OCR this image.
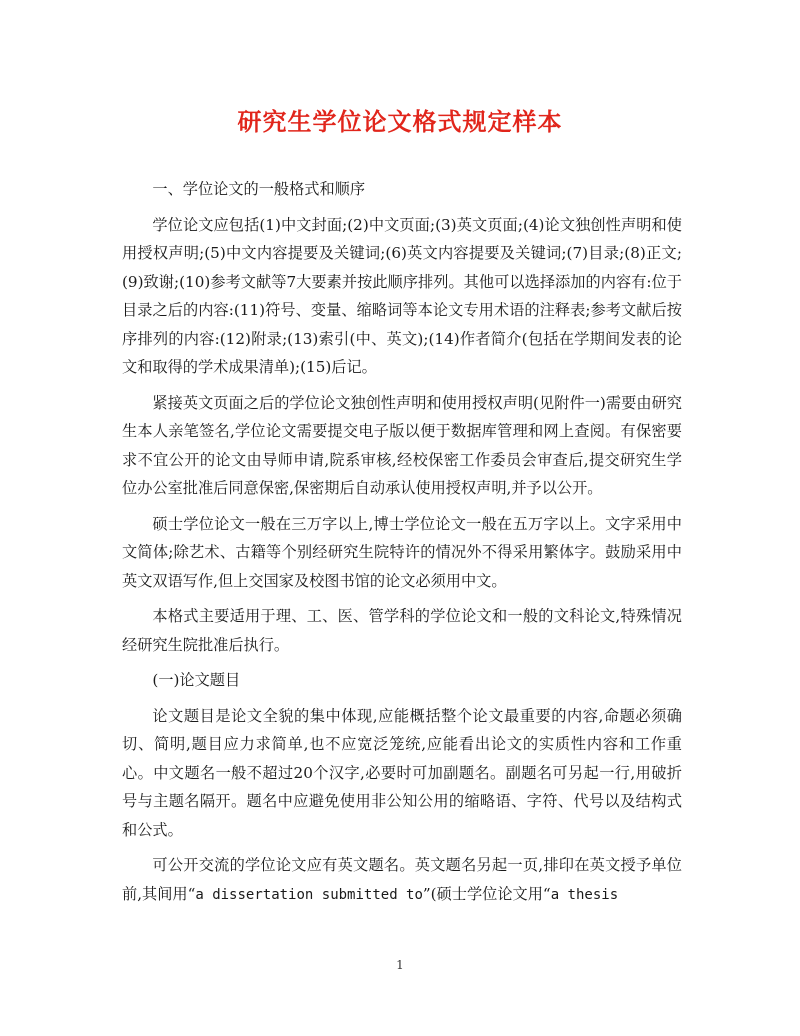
研究生学位论文格式规定样本

一、学位论文的一般格式和顺序

学位论文应包括(1)中文封面;(2)中文页面;(3)英文页面;(4)论文独创性声明和使用授权声明;(5)中文内容提要及关键词;(6)英文内容提要及关键词;(7)目录;(8)正文;(9)致谢;(10)参考文献等7大要素并按此顺序排列。其他可以选择添加的内容有:位于目录之后的内容:(11)符号、变量、缩略词等本论文专用术语的注释表;参考文献后按序排列的内容:(12)附录;(13)索引(中、英文);(14)作者简介(包括在学期间发表的论文和取得的学术成果清单);(15)后记。

紧接英文页面之后的学位论文独创性声明和使用授权声明(见附件一)需要由研究生本人亲笔签名,学位论文需要提交电子版以便于数据库管理和网上查阅。有保密要求不宜公开的论文由导师申请,院系审核,经校保密工作委员会审查后,提交研究生学位办公室批准后同意保密,保密期后自动承认使用授权声明,并予以公开。

硕士学位论文一般在三万字以上,博士学位论文一般在五万字以上。文字采用中文简体;除艺术、古籍等个别经研究生院特许的情况外不得采用繁体字。鼓励采用中英文双语写作,但上交国家及校图书馆的论文必须用中文。

本格式主要适用于理、工、医、管学科的学位论文和一般的文科论文,特殊情况经研究生院批准后执行。

(一)论文题目

论文题目是论文全貌的集中体现,应能概括整个论文最重要的内容,命题必须确切、简明,题目应力求简单,也不应宽泛笼统,应能看出论文的实质性内容和工作重心。中文题名一般不超过20个汉字,必要时可加副题名。副题名可另起一行,用破折号与主题名隔开。题名中应避免使用非公知公用的缩略语、字符、代号以及结构式和公式。

可公开交流的学位论文应有英文题名。英文题名另起一页,排印在英文授予单位前,其间用“a dissertation submitted to”(硕士学位论文用“a thesis

1
